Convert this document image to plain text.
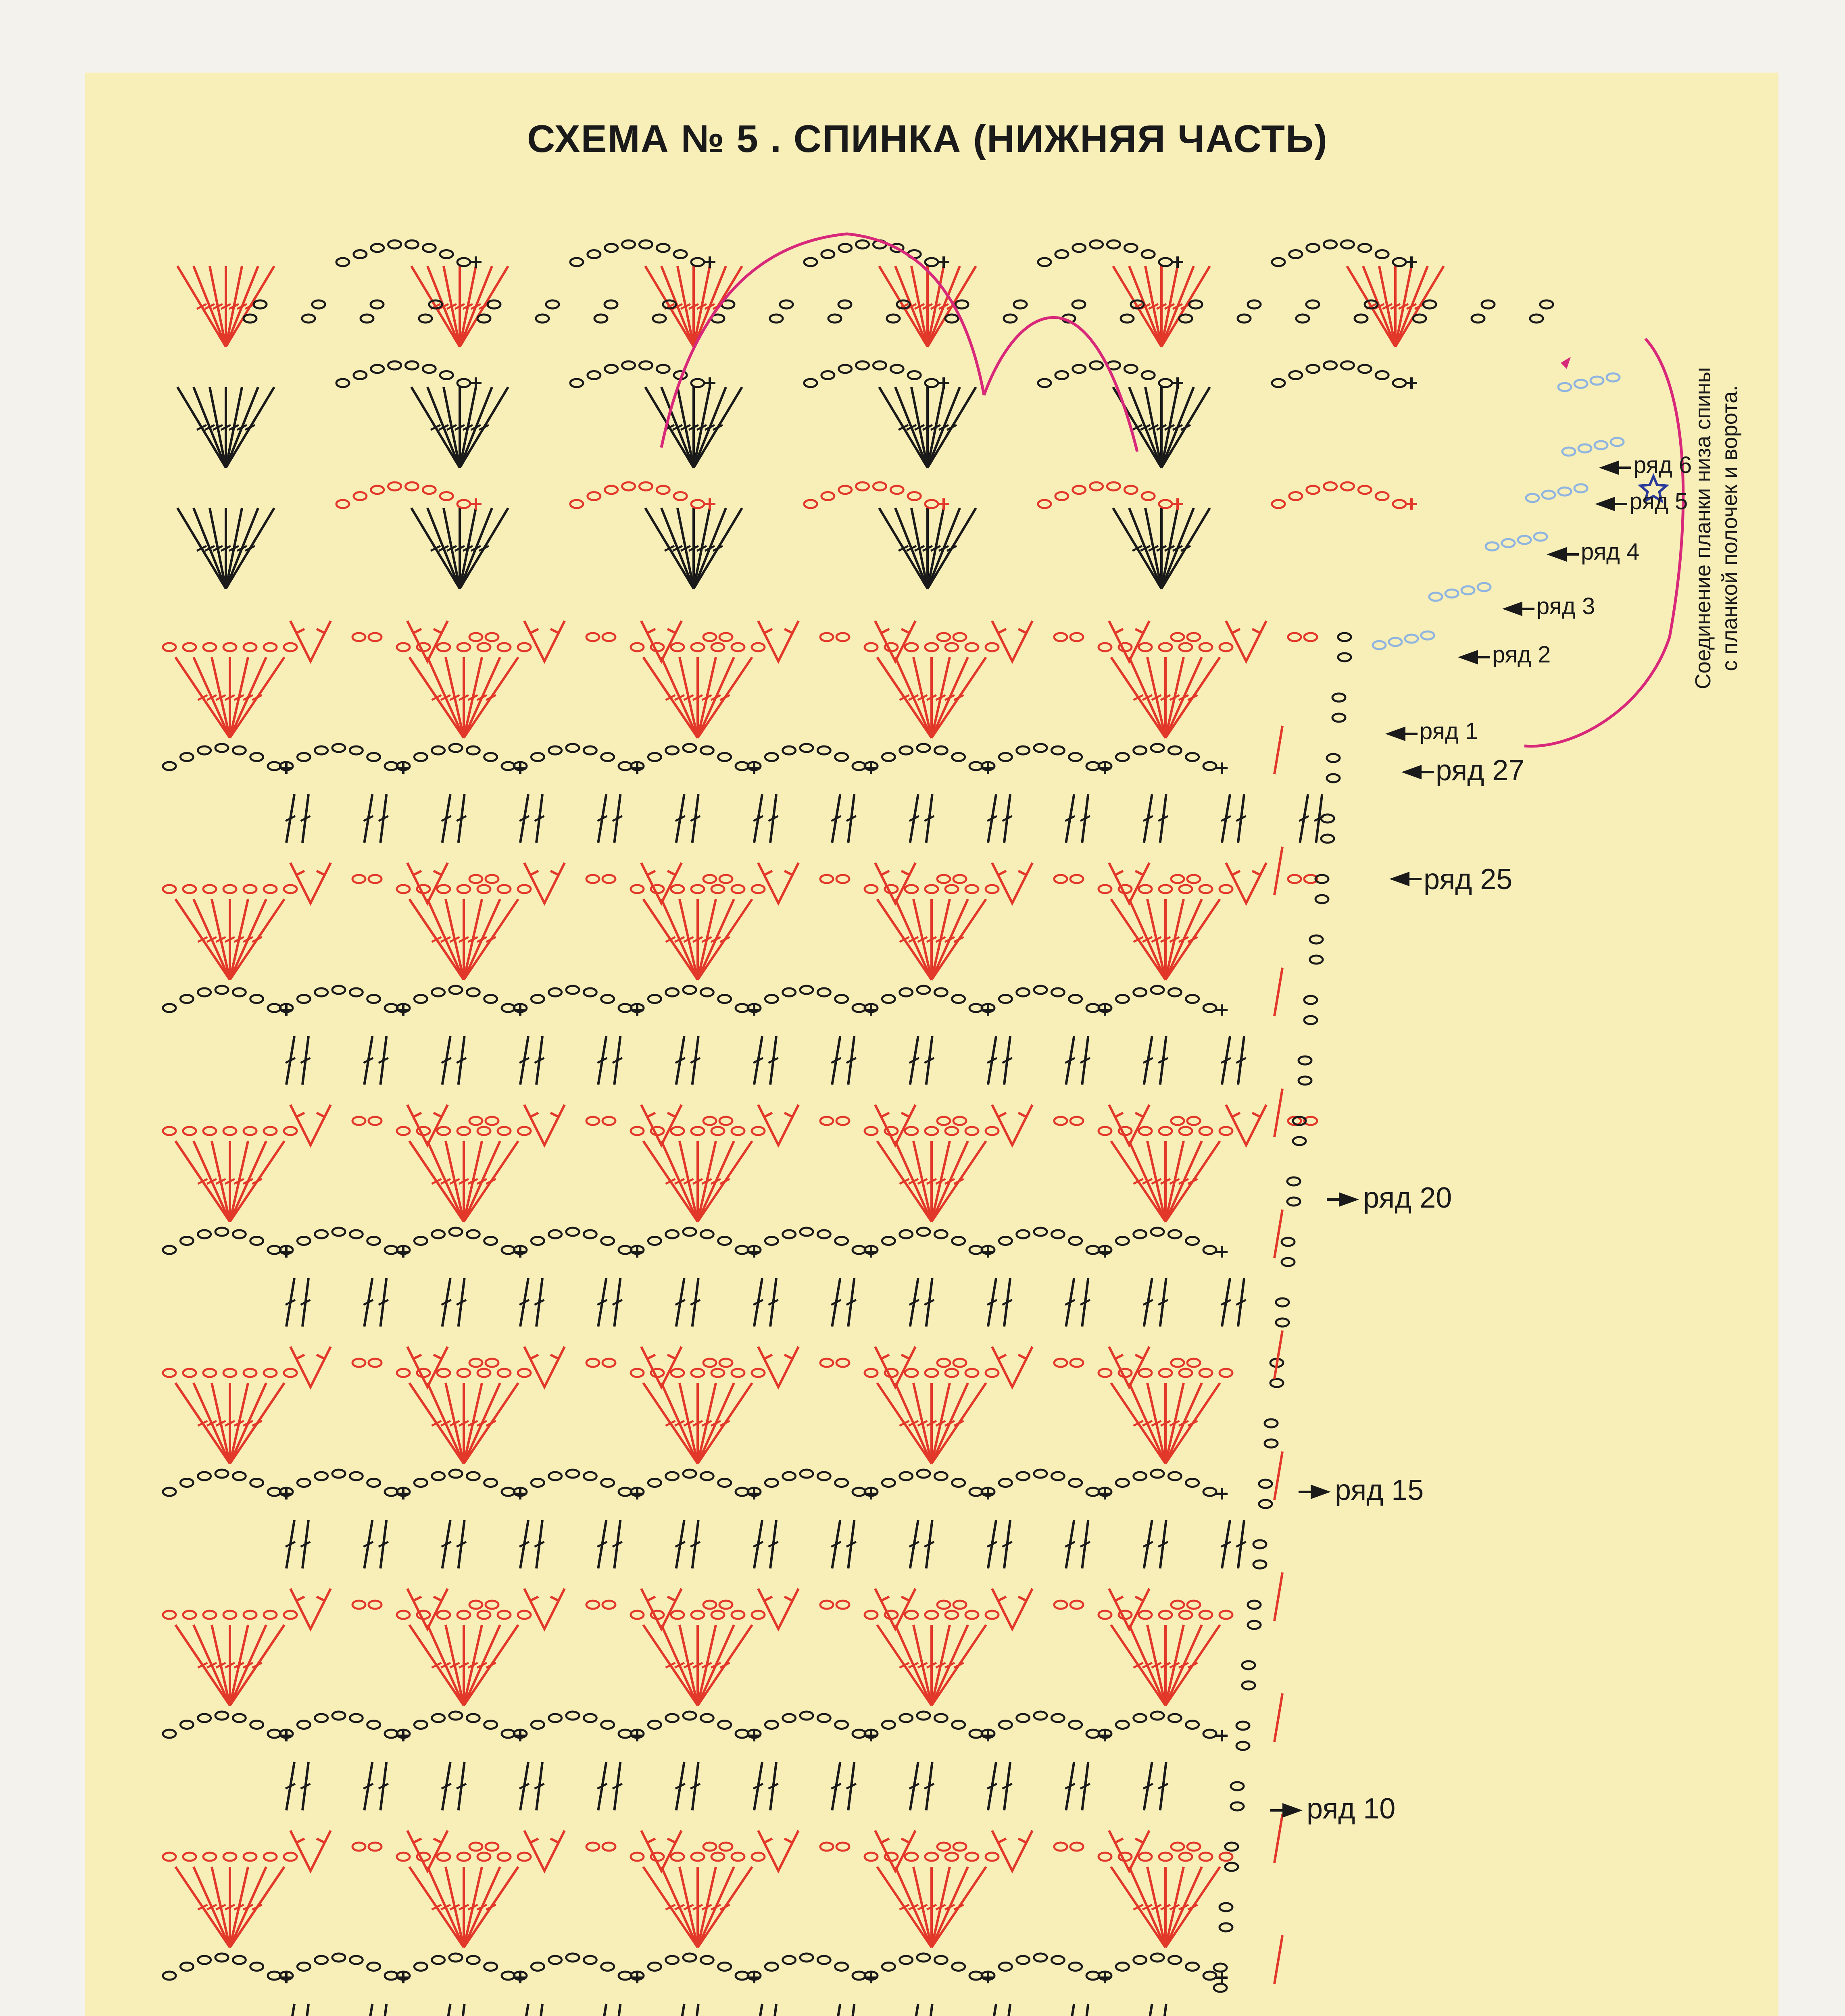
СХЕМА № 5 . СПИНКА (НИЖНЯЯ ЧАСТЬ)
ряд 6
ряд 5
ряд 4
ряд 3
ряд 2
ряд 1
ряд 27
ряд 25
ряд 20
ряд 15
ряд 10
Соединение планки низа спины с планкой полочек и ворота.
